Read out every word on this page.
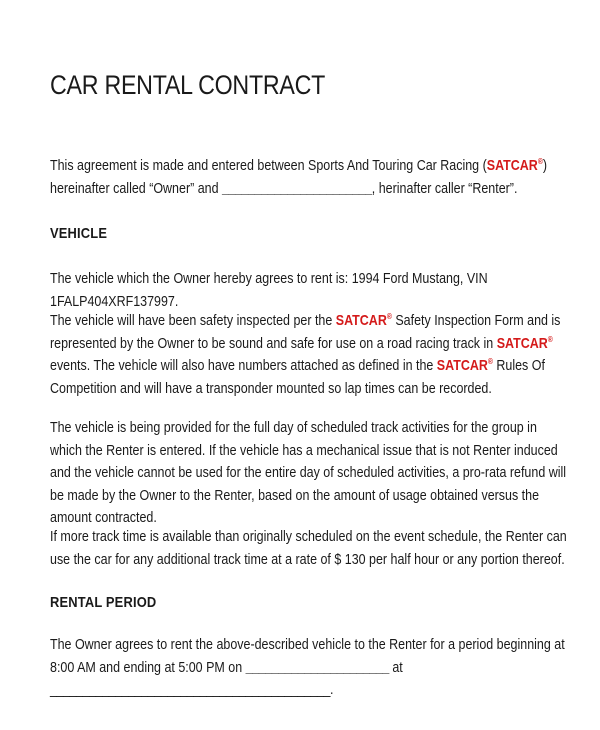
CAR RENTAL CONTRACT
This agreement is made and entered between Sports And Touring Car Racing (SATCAR®) hereinafter called “Owner” and _______________________, herinafter caller “Renter”.
VEHICLE
The vehicle which the Owner hereby agrees to rent is: 1994 Ford Mustang, VIN 1FALP404XRF137997.
The vehicle will have been safety inspected per the SATCAR® Safety Inspection Form and is represented by the Owner to be sound and safe for use on a road racing track in SATCAR® events. The vehicle will also have numbers attached as defined in the SATCAR® Rules Of Competition and will have a transponder mounted so lap times can be recorded.
The vehicle is being provided for the full day of scheduled track activities for the group in which the Renter is entered. If the vehicle has a mechanical issue that is not Renter induced and the vehicle cannot be used for the entire day of scheduled activities, a pro-rata refund will be made by the Owner to the Renter, based on the amount of usage obtained versus the amount contracted.
If more track time is available than originally scheduled on the event schedule, the Renter can use the car for any additional track time at a rate of $ 130 per half hour or any portion thereof.
RENTAL PERIOD
The Owner agrees to rent the above-described vehicle to the Renter for a period beginning at 8:00 AM and ending at 5:00 PM on ______________________ at ___________________________________________.
